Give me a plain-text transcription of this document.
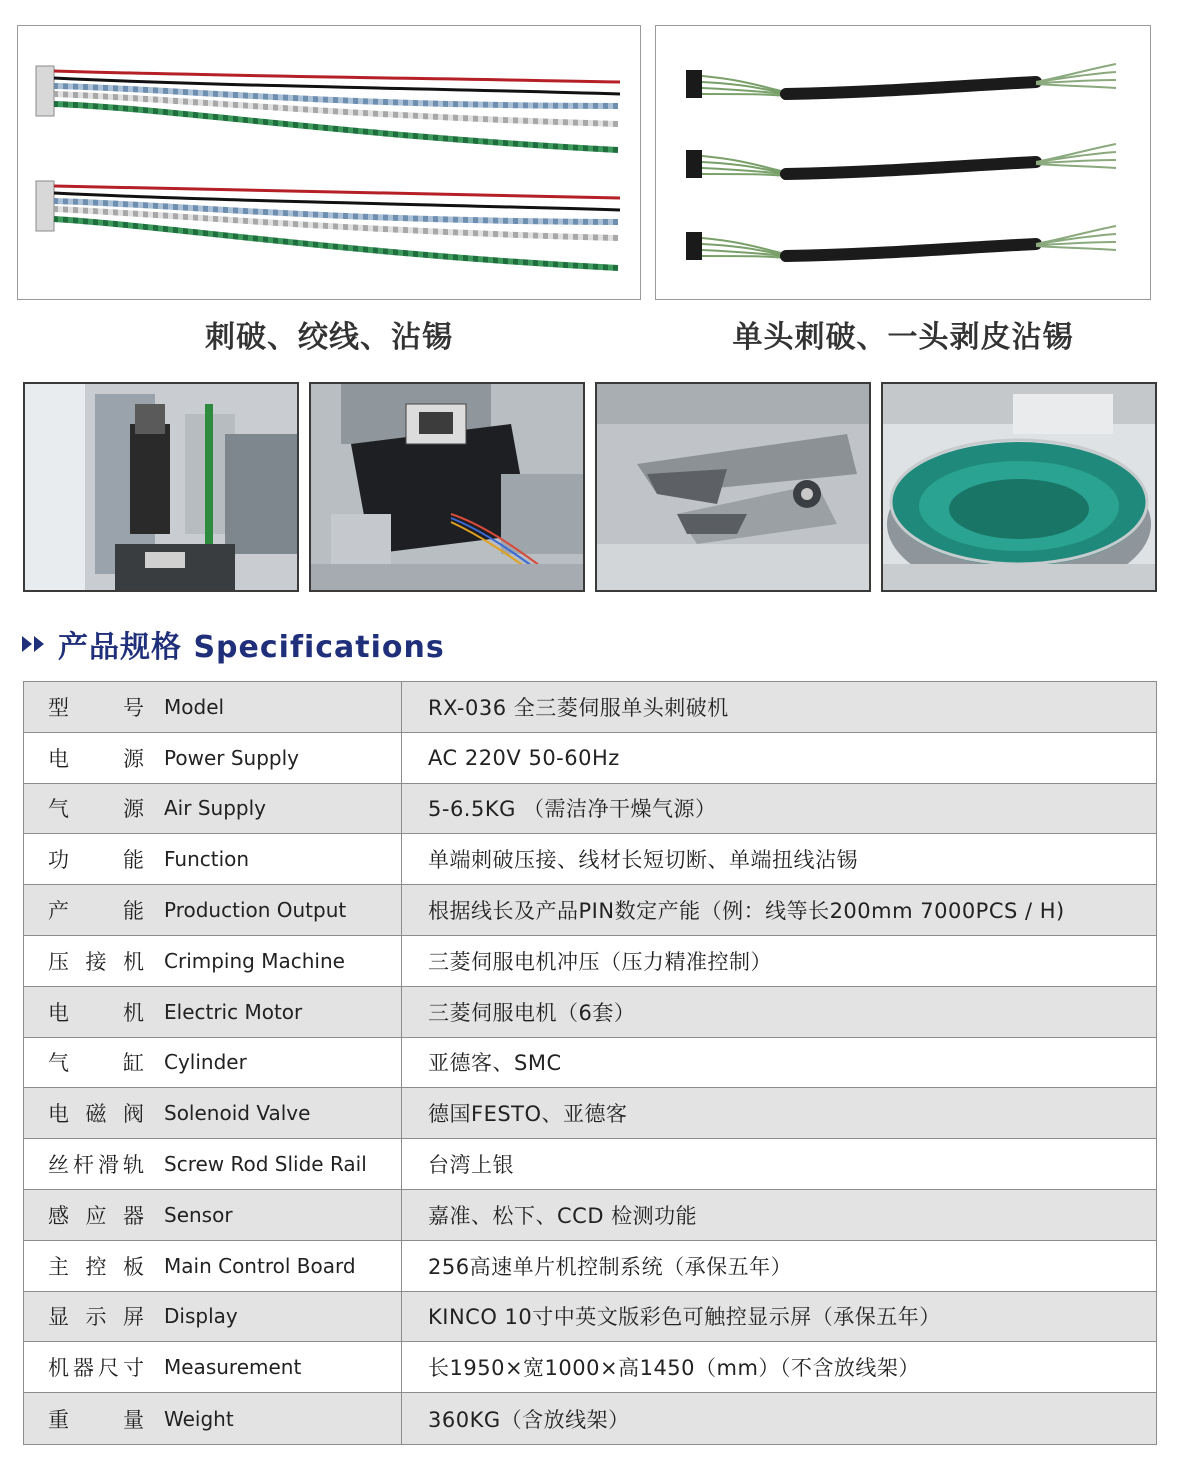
刺破、绞线、沾锡	单头刺破、一头剥皮沾锡
产品规格 Specifications
型	号 Model	RX-036 全三菱伺服单头刺破机
电	源 Power Supply	AC 220V 50-60Hz
气	源 Air Supply	5-6.5KG （需洁净干燥气源）
功	能 Function	单端刺破压接、线材长短切断、单端扭线沾锡
产	能 Production Output	根据线长及产品PIN数定产能（例：线等长200mm 7000PCS / H)
压 接 机 Crimping Machine	三菱伺服电机冲压（压力精准控制）
电	机 Electric Motor	三菱伺服电机（6套）
气	缸 Cylinder	亚德客、SMC
电 磁 阀 Solenoid Valve	德国FESTO、亚德客
丝 杆 滑 轨 Screw Rod Slide Rail	台湾上银
感 应 器 Sensor	嘉准、松下、CCD 检测功能
主 控 板 Main Control Board	256高速单片机控制系统（承保五年）
显 示 屏 Display	KINCO 10寸中英文版彩色可触控显示屏（承保五年）
机 器 尺 寸 Measurement	长1950×宽1000×高1450（mm）（不含放线架）
重	量 Weight	360KG（含放线架）
